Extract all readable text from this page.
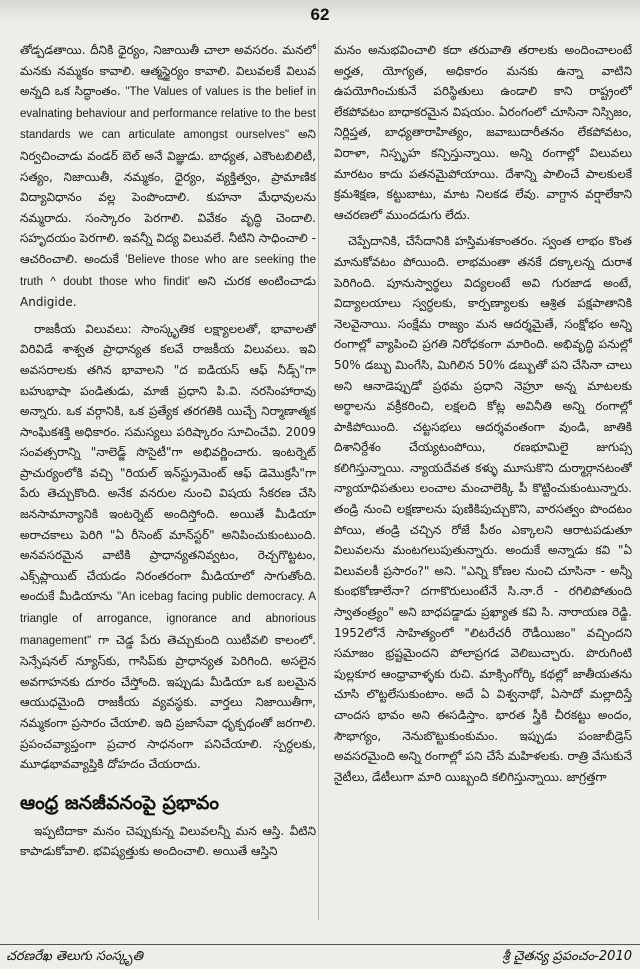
62

తోడ్పడతాయి. దీనికి ధైర్యం, నిజాయితీ చాలా అవసరం. మనలో మనకు నమ్మకం కావాలి. ఆత్మస్థైర్యం కావాలి. విలువలకే విలువ అన్నది ఒక సిద్ధాంతం. "The Values of values is the belief in evalnating behaviour and performance relative to the best standards we can articulate amongst ourselves" అని నిర్వచించాడు వండర్ బెల్ అనే విజ్ఞుడు. బాధ్యత, ఎకౌంటబిలిటీ, సత్యం, నిజాయితీ, నమ్మకం, ధైర్యం, వ్యక్తిత్వం, ప్రామాణిక విద్యావిధానం వల్ల పెంపొందాలి. కుహనా మేధావులను నమ్మరాదు. సంస్కారం పెరగాలి. వివేకం వృద్ధి చెందాలి. సహృదయం పెరగాలి. ఇవన్నీ విద్య విలువలే. నీటిని సాధించాలి - ఆచరించాలి. అందుకే 'Believe those who are seeking the truth ^ doubt those who findit' అని చురక అంటించాడు Andigide.

రాజకీయ విలువలు: సాంస్కృతిక లక్ష్యాలలతో, భావాలతో విరివిడే శాశ్వత ప్రాధాన్యత కలవే రాజకీయ విలువలు. ఇవి అవసరాలకు తగిన భావాలని "ద ఐడియస్ ఆఫ్ నీడ్స్"గా బహుభాషా పండితుడు, మాజీ ప్రధాని పి.వి. నరసింహారావు అన్నారు. ఒక వర్గానికి, ఒక ప్రత్యేక తరగతికి యిచ్చే నిర్మాణాత్మక సాంఘికశక్తి అధికారం. సమస్యలు పరిష్కారం సూచించేవి. 2009 సంవత్సరాన్ని "నాలెడ్జ్ సొసైటీ"గా అభివర్ణించారు. ఇంటర్నెట్ ప్రాచుర్యంలోకి వచ్చి "రియల్ ఇన్‌స్ట్రుమెంట్ ఆఫ్ డెమొక్రసీ"గా పేరు తెచ్చుకొంది. అనేక వనరుల నుంచి విషయ సేకరణ చేసి జనసామాన్యానికి ఇంటర్నెట్ అందిస్తోంది. అయితే మీడియా అరాచకాలు పెరిగి "ఏ రీసెంట్ మాన్‌స్టర్" అనిపించుకుంటుంది. అనవసరమైన వాటికి ప్రాధాన్యతనివ్వటం, రెచ్చగొట్టటం, ఎక్స్‌ప్లాయిట్ చేయడం నిరంతరంగా మీడియాలో సాగుతోంది. అందుకే మీడియాను "An icebag facing public democracy. A triangle of arrogance, ignorance and abnorious management" గా చెడ్డ పేరు తెచ్చుకుంది యిటీవలి కాలంలో. సెన్సేషనల్ న్యూస్‌కు, గాసిప్‌కు ప్రాధాన్యత పెరిగింది. అసలైన అవగాహనకు దూరం చేస్తోంది. ఇప్పుడు మీడియా ఒక బలమైన ఆయుధమైంది రాజకీయ వ్యవస్థకు. వార్తలు నిజాయితీగా, నమ్మకంగా ప్రసారం చేయాలి. ఇది ప్రజాసేవా ధృక్పథంతో జరగాలి. ప్రపంచవ్యాప్తంగా ప్రచార సాధనంగా పనిచేయాలి. స్పర్ధలకు, మూఢభావవ్యాప్తికి దోహదం చేయరాదు.

ఆంధ్ర జనజీవనంపై ప్రభావం

ఇప్పటిదాకా మనం చెప్పుకున్న విలువలన్నీ మన ఆస్తి. వీటిని కాపాడుకోవాలి. భవిష్యత్తుకు అందించాలి. అయితే ఆస్తిని

మనం అనుభవించాలి కదా తరువాతి తరాలకు అందించాలంటే అర్హత, యోగ్యత, అధికారం మనకు ఉన్నా వాటిని ఉపయోగించుకునే పరిస్థితులు ఉండాలి కాని రాష్ట్రంలో లేకపోవటం బాధాకరమైన విషయం. ఏరంగంలో చూసినా నిస్సిజం, నిర్లిప్తత, బాధ్యతారాహిత్యం, జవాబుదారీతనం లేకపోవటం, విరాళా, నిస్పృహ కన్పిస్తున్నాయి. అన్ని రంగాల్లో విలువలు మారటం కాదు పతనమైపోయాయి. దేశాన్ని పాలించే పాలకులకే క్రమశిక్షణ, కట్టుబాటు, మాట నిలకడ లేవు. వాగ్దాన వర్షాలేకాని ఆచరణలో ముందడుగు లేదు.

చెప్పేదానికి, చేసేదానికి హస్తిమశకాంతరం. స్వంత లాభం కొంత మానుకోవటం పోయింది. లాభమంతా తనకే దక్కాలన్న దురాశ పెరిగింది. పూనుస్వార్థలు విద్యలంటే అవి గురజాడ అంటే, విద్యాలయాలు స్వర్ధలకు, కార్పణ్యాలకు ఆశ్రిత పక్షపాతానికి నెలవైనాయి. సంక్షేమ రాజ్యం మన ఆదర్శమైతే, సంక్షోభం అన్ని రంగాల్లో వ్యాపించి ప్రగతి నిరోధకంగా మారింది. అభివృద్ధి పనుల్లో 50% డబ్బు మింగేసి, మిగిలిన 50% డబ్బుతో పని చేసినా చాలు అని ఆనాడెప్పుడో ప్రథమ ప్రధాని నెహ్రూ అన్న మాటలకు అర్థాలను వక్రీకరించి, లక్షలది కోట్ల అవినీతి అన్ని రంగాల్లో పాకిపోయింది. చట్టసభలు ఆదర్శవంతంగా వుండి, జాతికి దిశానిర్దేశం చేయ్యటంపోయి, రణభూమిలై జుగుప్స కలిగిస్తున్నాయి. న్యాయదేవత కళ్ళు మూసుకొని దుర్మార్గానటంతో న్యాయాధిపతులు లంచాల మంచాలెక్కి పీ కొట్టించుకుంటున్నారు. తండ్రి నుంచి లక్షణాలను పుణికిపుచ్చుకొని, వారసత్వం పొందటం పోయి, తండ్రి చచ్చిన రోజే పీఠం ఎక్కాలని ఆరాటపడుతూ విలువలను మంటగలుపుతున్నారు. అందుకే అన్నాడు కవి "ఏ విలువలకీ ప్రసారం?" అని. "ఎన్ని కోణల నుంచి చూసినా - అన్నీ కుంభకోణాలేనా? దగాకొరులుంటేనే సి.నా.రే - రగిలిపోతుంది స్వాతంత్ర్యం" అని బాధపడ్డాడు ప్రఖ్యాత కవి సి. నారాయణ రెడ్డి. 1952లోనే సాహిత్యంలో "లిటరేచరీ రౌడీయిజం" వచ్చిందని సమాజం భ్రష్టమైందని పోలాప్రగడ వెలిబుచ్చారు. పొరుగింటి పుల్లకూర ఆంధ్రావాళ్ళకు రుచి. మాక్సింగోర్కి కథల్లో జాతీయతను చూసి లొట్టలేసుకుంటాం. అదే ఏ విశ్వనాథో, ఏసాదో మల్లాదిస్తే చాందస భావం అని ఈసడిస్తాం. భారత స్త్రీకి చీరకట్టు అందం, సౌభాగ్యం, నెనుబొట్టుకుంకుమం. ఇప్పుడు పంజాబీడ్రెస్ అవసరమైంది అన్ని రంగాల్లో పని చేసే మహిళలకు. రాత్రి వేసుకునే నైటీలు, డేటీలుగా మారి యిబ్బంది కలిగిస్తున్నాయి. జాగ్రత్తగా

చరణరేఖ తెలుగు సంస్కృతి	శ్రీ చైతన్య ప్రపంచం-2010
